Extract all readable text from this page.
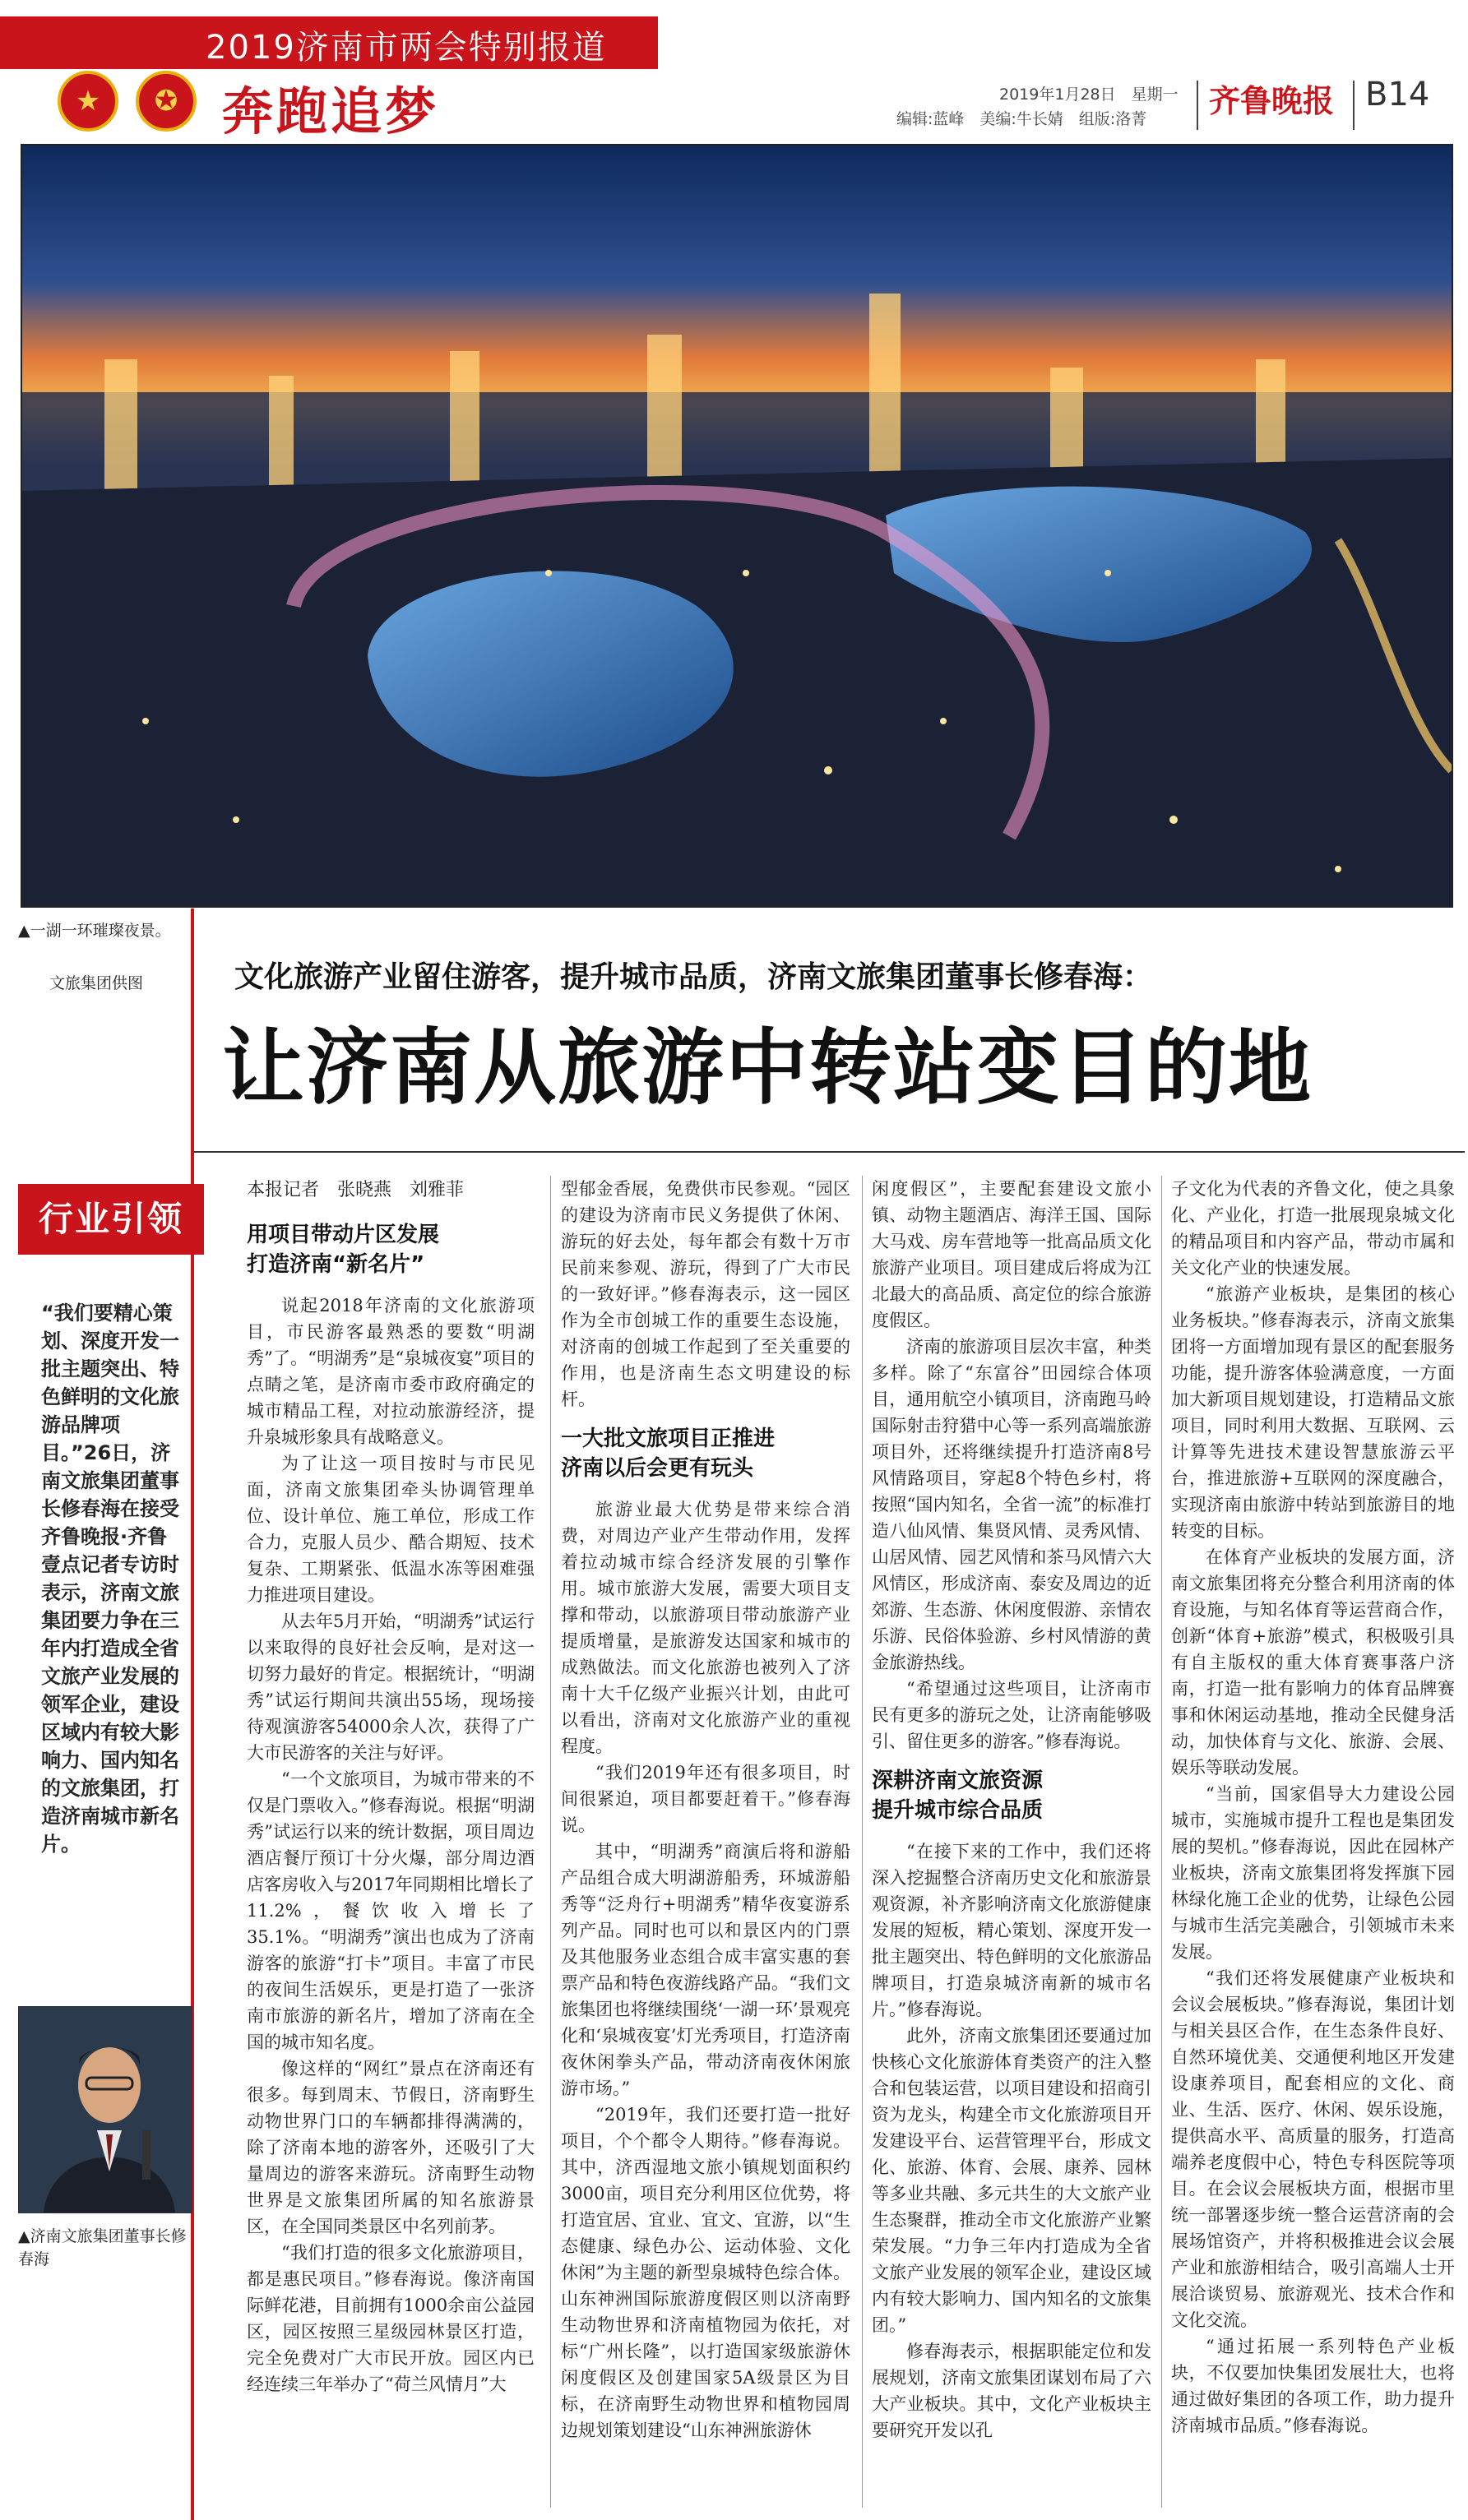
2019济南市两会特别报道
★	✪ 奔跑追梦	2019年1月28日　星期一
编辑:蓝峰　美编:牛长婧　组版:洛菁 齐鲁晚报 B14
▲一湖一环璀璨夜景。
文旅集团供图	文化旅游产业留住游客，提升城市品质，济南文旅集团董事长修春海：
让济南从旅游中转站变目的地
行业引领
“我们要精心策划、深度开发一批主题突出、特色鲜明的文化旅游品牌项目。”26日，济南文旅集团董事长修春海在接受齐鲁晚报·齐鲁壹点记者专访时表示，济南文旅集团要力争在三年内打造成全省文旅产业发展的领军企业，建设区域内有较大影响力、国内知名的文旅集团，打造济南城市新名片。
▲济南文旅集团董事长修春海
本报记者　张晓燕　刘雅菲
用项目带动片区发展
打造济南“新名片”

说起2018年济南的文化旅游项目，市民游客最熟悉的要数“明湖秀”了。“明湖秀”是“泉城夜宴”项目的点睛之笔，是济南市委市政府确定的城市精品工程，对拉动旅游经济，提升泉城形象具有战略意义。

为了让这一项目按时与市民见面，济南文旅集团牵头协调管理单位、设计单位、施工单位，形成工作合力，克服人员少、酷合期短、技术复杂、工期紧张、低温水冻等困难强力推进项目建设。

从去年5月开始，“明湖秀”试运行以来取得的良好社会反响，是对这一切努力最好的肯定。根据统计，“明湖秀”试运行期间共演出55场，现场接待观演游客54000余人次，获得了广大市民游客的关注与好评。

“一个文旅项目，为城市带来的不仅是门票收入。”修春海说。根据“明湖秀”试运行以来的统计数据，项目周边酒店餐厅预订十分火爆，部分周边酒店客房收入与2017年同期相比增长了11.2%，餐饮收入增长了35.1%。“明湖秀”演出也成为了济南游客的旅游“打卡”项目。丰富了市民的夜间生活娱乐，更是打造了一张济南市旅游的新名片，增加了济南在全国的城市知名度。

像这样的“网红”景点在济南还有很多。每到周末、节假日，济南野生动物世界门口的车辆都排得满满的，除了济南本地的游客外，还吸引了大量周边的游客来游玩。济南野生动物世界是文旅集团所属的知名旅游景区，在全国同类景区中名列前茅。

“我们打造的很多文化旅游项目，都是惠民项目。”修春海说。像济南国际鲜花港，目前拥有1000余亩公益园区，园区按照三星级园林景区打造，完全免费对广大市民开放。园区内已经连续三年举办了“荷兰风情月”大

型郁金香展，免费供市民参观。“园区的建设为济南市民义务提供了休闲、游玩的好去处，每年都会有数十万市民前来参观、游玩，得到了广大市民的一致好评。”修春海表示，这一园区作为全市创城工作的重要生态设施，对济南的创城工作起到了至关重要的作用，也是济南生态文明建设的标杆。

一大批文旅项目正推进
济南以后会更有玩头

旅游业最大优势是带来综合消费，对周边产业产生带动作用，发挥着拉动城市综合经济发展的引擎作用。城市旅游大发展，需要大项目支撑和带动，以旅游项目带动旅游产业提质增量，是旅游发达国家和城市的成熟做法。而文化旅游也被列入了济南十大千亿级产业振兴计划，由此可以看出，济南对文化旅游产业的重视程度。

“我们2019年还有很多项目，时间很紧迫，项目都要赶着干。”修春海说。

其中，“明湖秀”商演后将和游船产品组合成大明湖游船秀，环城游船秀等“泛舟行+明湖秀”精华夜宴游系列产品。同时也可以和景区内的门票及其他服务业态组合成丰富实惠的套票产品和特色夜游线路产品。“我们文旅集团也将继续围绕‘一湖一环’景观亮化和‘泉城夜宴’灯光秀项目，打造济南夜休闲拳头产品，带动济南夜休闲旅游市场。”

“2019年，我们还要打造一批好项目，个个都令人期待。”修春海说。其中，济西湿地文旅小镇规划面积约3000亩，项目充分利用区位优势，将打造宜居、宜业、宜文、宜游，以“生态健康、绿色办公、运动体验、文化休闲”为主题的新型泉城特色综合体。山东神洲国际旅游度假区则以济南野生动物世界和济南植物园为依托，对标“广州长隆”，以打造国家级旅游休闲度假区及创建国家5A级景区为目标，在济南野生动物世界和植物园周边规划策划建设“山东神洲旅游休

闲度假区”，主要配套建设文旅小镇、动物主题酒店、海洋王国、国际大马戏、房车营地等一批高品质文化旅游产业项目。项目建成后将成为江北最大的高品质、高定位的综合旅游度假区。

济南的旅游项目层次丰富，种类多样。除了“东富谷”田园综合体项目，通用航空小镇项目，济南跑马岭国际射击狩猎中心等一系列高端旅游项目外，还将继续提升打造济南8号风情路项目，穿起8个特色乡村，将按照“国内知名，全省一流”的标准打造八仙风情、集贤风情、灵秀风情、山居风情、园艺风情和茶马风情六大风情区，形成济南、泰安及周边的近郊游、生态游、休闲度假游、亲情农乐游、民俗体验游、乡村风情游的黄金旅游热线。

“希望通过这些项目，让济南市民有更多的游玩之处，让济南能够吸引、留住更多的游客。”修春海说。

深耕济南文旅资源
提升城市综合品质

“在接下来的工作中，我们还将深入挖掘整合济南历史文化和旅游景观资源，补齐影响济南文化旅游健康发展的短板，精心策划、深度开发一批主题突出、特色鲜明的文化旅游品牌项目，打造泉城济南新的城市名片。”修春海说。

此外，济南文旅集团还要通过加快核心文化旅游体育类资产的注入整合和包装运营，以项目建设和招商引资为龙头，构建全市文化旅游项目开发建设平台、运营管理平台，形成文化、旅游、体育、会展、康养、园林等多业共融、多元共生的大文旅产业生态聚群，推动全市文化旅游产业繁荣发展。“力争三年内打造成为全省文旅产业发展的领军企业，建设区域内有较大影响力、国内知名的文旅集团。”

修春海表示，根据职能定位和发展规划，济南文旅集团谋划布局了六大产业板块。其中，文化产业板块主要研究开发以孔

子文化为代表的齐鲁文化，使之具象化、产业化，打造一批展现泉城文化的精品项目和内容产品，带动市属和关文化产业的快速发展。

“旅游产业板块，是集团的核心业务板块。”修春海表示，济南文旅集团将一方面增加现有景区的配套服务功能，提升游客体验满意度，一方面加大新项目规划建设，打造精品文旅项目，同时利用大数据、互联网、云计算等先进技术建设智慧旅游云平台，推进旅游+互联网的深度融合，实现济南由旅游中转站到旅游目的地转变的目标。

在体育产业板块的发展方面，济南文旅集团将充分整合利用济南的体育设施，与知名体育等运营商合作，创新“体育+旅游”模式，积极吸引具有自主版权的重大体育赛事落户济南，打造一批有影响力的体育品牌赛事和休闲运动基地，推动全民健身活动，加快体育与文化、旅游、会展、娱乐等联动发展。

“当前，国家倡导大力建设公园城市，实施城市提升工程也是集团发展的契机。”修春海说，因此在园林产业板块，济南文旅集团将发挥旗下园林绿化施工企业的优势，让绿色公园与城市生活完美融合，引领城市未来发展。

“我们还将发展健康产业板块和会议会展板块。”修春海说，集团计划与相关县区合作，在生态条件良好、自然环境优美、交通便利地区开发建设康养项目，配套相应的文化、商业、生活、医疗、休闲、娱乐设施，提供高水平、高质量的服务，打造高端养老度假中心，特色专科医院等项目。在会议会展板块方面，根据市里统一部署逐步统一整合运营济南的会展场馆资产，并将积极推进会议会展产业和旅游相结合，吸引高端人士开展洽谈贸易、旅游观光、技术合作和文化交流。

“通过拓展一系列特色产业板块，不仅要加快集团发展壮大，也将通过做好集团的各项工作，助力提升济南城市品质。”修春海说。
